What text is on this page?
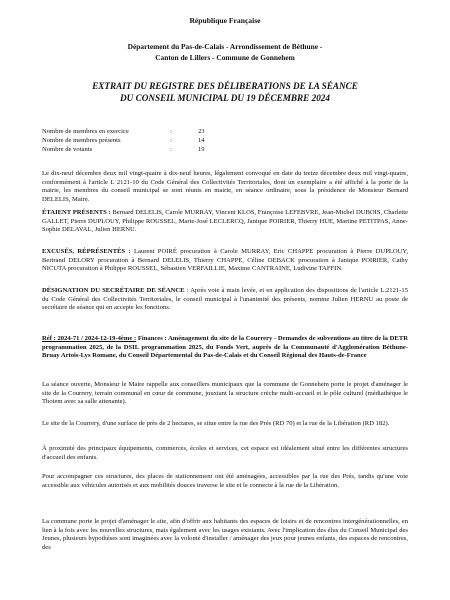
République Française
Département du Pas-de-Calais - Arrondissement de Béthune -
Canton de Lillers - Commune de Gonnehem
EXTRAIT DU REGISTRE DES DÉLIBERATIONS DE LA SÉANCE
DU CONSEIL MUNICIPAL DU 19 DÉCEMBRE 2024
Nombre de membres en exercice	:	23
Nombre de membres présents	:	14
Nombre de votants	:	19
Le dix-neuf décembre deux mil vingt-quatre à dix-neuf heures, légalement convoqué en date du treize décembre deux mil vingt-quatre, conformément à l'article L 2121-10 du Code Général des Collectivités Territoriales, dont un exemplaire a été affiché à la porte de la mairie, les membres du conseil municipal se sont réunis en mairie, en séance ordinaire, sous la présidence de Monsieur Bernard DELELIS, Maire.
ÉTAIENT PRÉSENTS : Bernard DELELIS, Carole MURRAY, Vincent KLOS, Françoise LEFEBVRE, Jean-Michel DUBOIS, Charlette GALLET, Pierre DUPLOUY, Philippe ROUSSEL, Marie-José LECLERCQ, Janique POIRIER, Thierry HUE, Martine PETITPAS, Anne-Sophie DELAVAL, Julien HERNU.
EXCUSÉS, RÉPRÉSENTÉS : Laurent POIRÉ procuration à Carole MURRAY, Eric CHAPPE procuration à Pierre DUPLOUY, Bertrand DELORY procuration à Bernard DELELIS, Thierry CHAPPE, Céline DEBACK procuration à Janique POIRIER, Cathy NICUTA procuration à Philippe ROUSSEL, Sébastien VERFAILLIE, Maxime CANTRAINE, Ludivine TAFFIN.
DÉSIGNATION DU SECRÉTAIRE DE SÉANCE : Après vote à main levée, et en application des dispositions de l'article L.2121-15 du Code Général des Collectivités Territoriales, le conseil municipal à l'unanimité des présents, nomme Julien HERNU au poste de secrétaire de séance qui en accepte les fonctions.
Réf : 2024-71 / 2024-12-19-4ème : Finances : Aménagement du site de la Courrery - Demandes de subventions au titre de la DETR programmation 2025, de la DSIL programmation 2025, du Fonds Vert, auprès de la Communauté d'Agglomération Béthune-Bruay Artois-Lys Romane, du Conseil Départemental du Pas-de-Calais et du Conseil Régional des Hauts-de-France
La séance ouverte, Monsieur le Maire rappelle aux conseillers municipaux que la commune de Gonnehem porte le projet d'aménager le site de la Courrery, terrain communal en cœur de commune, jouxtant la structure crèche multi-accueil et le pôle culturel (médiathèque le Thotem avec sa salle attenante).
Le site de la Courrery, d'une surface de près de 2 hectares, se situe entre la rue des Prés (RD 70) et la rue de la Libération (RD 182).
À proximité des principaux équipements, commerces, écoles et services, cet espace est idéalement situé entre les différentes structures d'accueil des enfants.
Pour accompagner ces structures, des places de stationnement ont été aménagées, accessibles par la rue des Prés, tandis qu'une voie accessible aux véhicules autorisés et aux mobilités douces traverse le site et le connecte à la rue de la Libération.
La commune porte le projet d'aménager le site, afin d'offrir aux habitants des espaces de loisirs et de rencontres intergénérationnelles, en lien à la fois avec les nouvelles structures, mais également avec les usages existants. Avec l'implication des élus du Conseil Municipal des Jeunes, plusieurs hypothèses sont imaginées avec la volonté d'installer / aménager des jeux pour jeunes enfants, des espaces de rencontres, des
